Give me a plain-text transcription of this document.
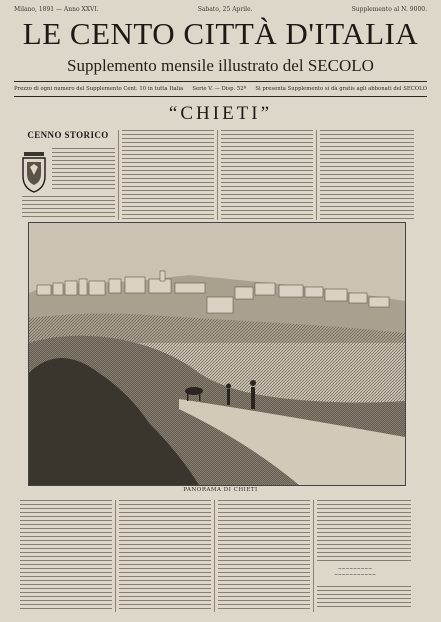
Milano, 1891 — Anno XXVI.	Sabato, 25 Aprile.	Supplemento al N. 9000.
LE CENTO CITTÀ D'ITALIA
Supplemento mensile illustrato del SECOLO
Prezzo di ogni numero del Supplemento Cent. 10 in tutta Italia Serie V. — Disp. 52ª Si presenta Supplemento si dà gratis agli abbonati del SECOLO
“CHIETI”
CENNO STORICO
PANORAMA DI CHIETI
~~~~~~~~~
~~~~~~~~~~~
